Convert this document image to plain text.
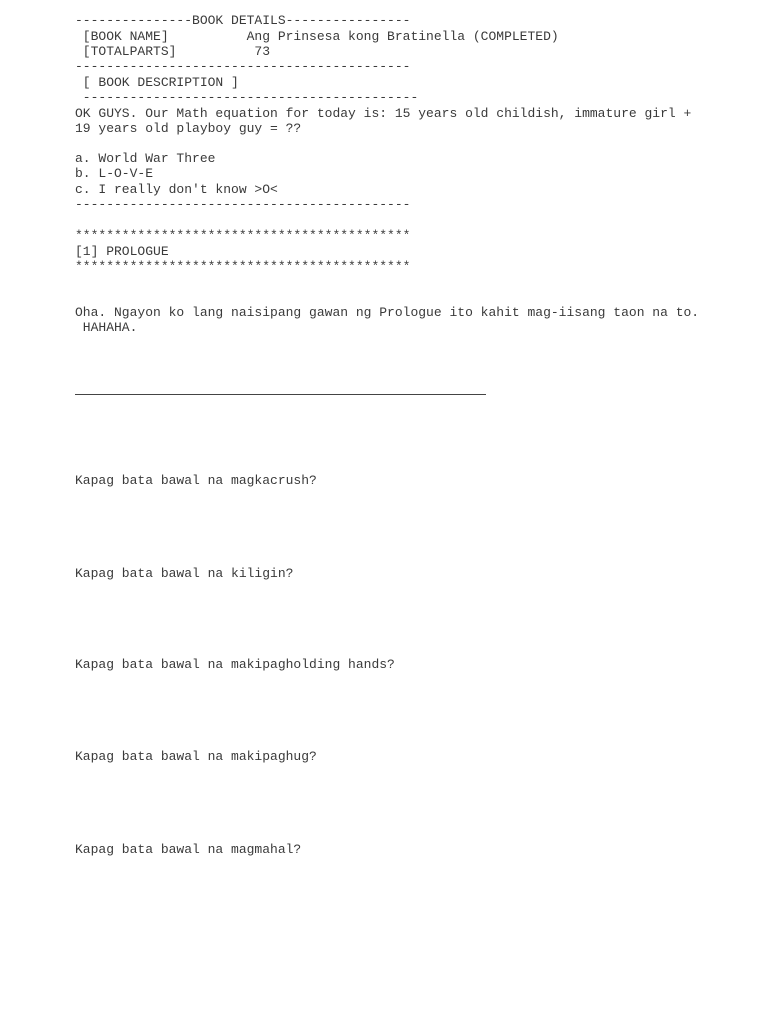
---------------BOOK DETAILS----------------
[BOOK NAME]          Ang Prinsesa kong Bratinella (COMPLETED)
[TOTALPARTS]          73
-------------------------------------------
[ BOOK DESCRIPTION ]
-------------------------------------------
OK GUYS. Our Math equation for today is: 15 years old childish, immature girl +
19 years old playboy guy = ??
a. World War Three
b. L-O-V-E
c. I really don't know >O<
-------------------------------------------
*******************************************
[1] PROLOGUE
*******************************************
Oha. Ngayon ko lang naisipang gawan ng Prologue ito kahit mag-iisang taon na to.
HAHAHA.
Kapag bata bawal na magkacrush?
Kapag bata bawal na kiligin?
Kapag bata bawal na makipagholding hands?
Kapag bata bawal na makipaghug?
Kapag bata bawal na magmahal?
